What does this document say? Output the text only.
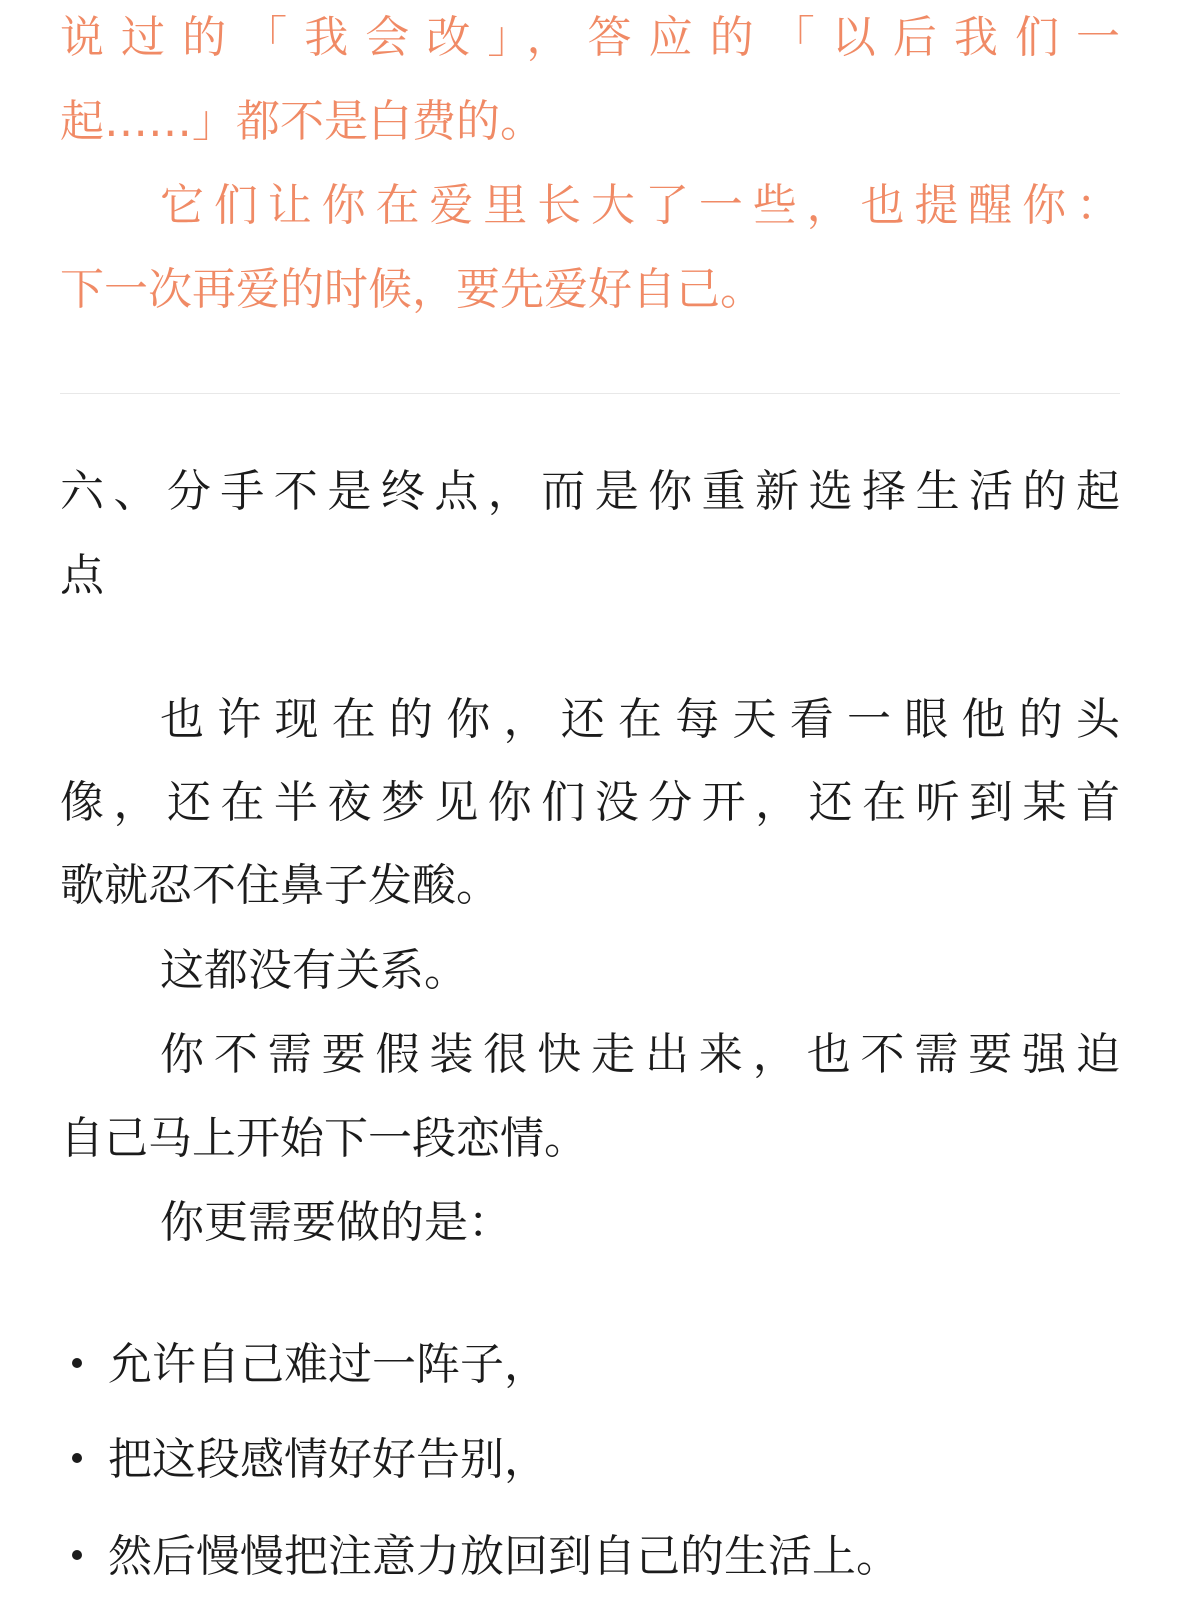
说过的「我会改」，答应的「以后我们一
起……」都不是白费的。
它们让你在爱里长大了一些，也提醒你：
下一次再爱的时候，要先爱好自己。
六、分手不是终点，而是你重新选择生活的起
点
也许现在的你，还在每天看一眼他的头
像，还在半夜梦见你们没分开，还在听到某首
歌就忍不住鼻子发酸。
这都没有关系。
你不需要假装很快走出来，也不需要强迫
自己马上开始下一段恋情。
你更需要做的是：
允许自己难过一阵子，
把这段感情好好告别，
然后慢慢把注意力放回到自己的生活上。
